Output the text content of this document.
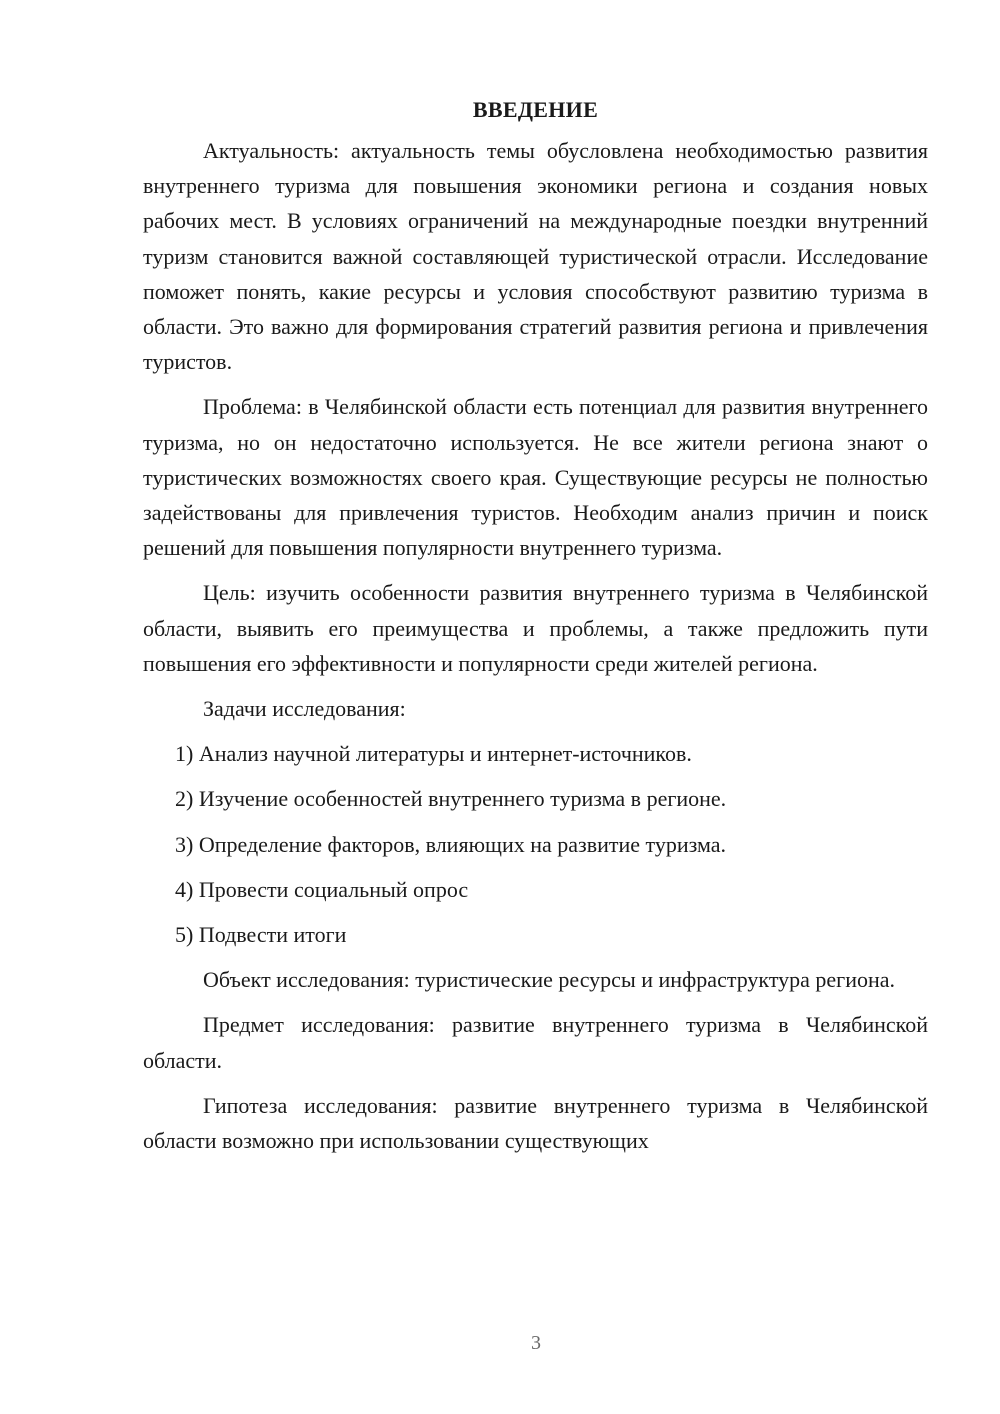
ВВЕДЕНИЕ

Актуальность: актуальность темы обусловлена необходимостью развития внутреннего туризма для повышения экономики региона и создания новых рабочих мест. В условиях ограничений на международные поездки внутренний туризм становится важной составляющей туристической отрасли. Исследование поможет понять, какие ресурсы и условия способствуют развитию туризма в области. Это важно для формирования стратегий развития региона и привлечения туристов.

Проблема: в Челябинской области есть потенциал для развития внутреннего туризма, но он недостаточно используется. Не все жители региона знают о туристических возможностях своего края. Существующие ресурсы не полностью задействованы для привлечения туристов. Необходим анализ причин и поиск решений для повышения популярности внутреннего туризма.

Цель: изучить особенности развития внутреннего туризма в Челябинской области, выявить его преимущества и проблемы, а также предложить пути повышения его эффективности и популярности среди жителей региона.

Задачи исследования:
1) Анализ научной литературы и интернет-источников.
2) Изучение особенностей внутреннего туризма в регионе.
3) Определение факторов, влияющих на развитие туризма.
4) Провести социальный опрос
5) Подвести итоги

Объект исследования: туристические ресурсы и инфраструктура региона.

Предмет исследования: развитие внутреннего туризма в Челябинской области.

Гипотеза исследования: развитие внутреннего туризма в Челябинской области возможно при использовании существующих

3
